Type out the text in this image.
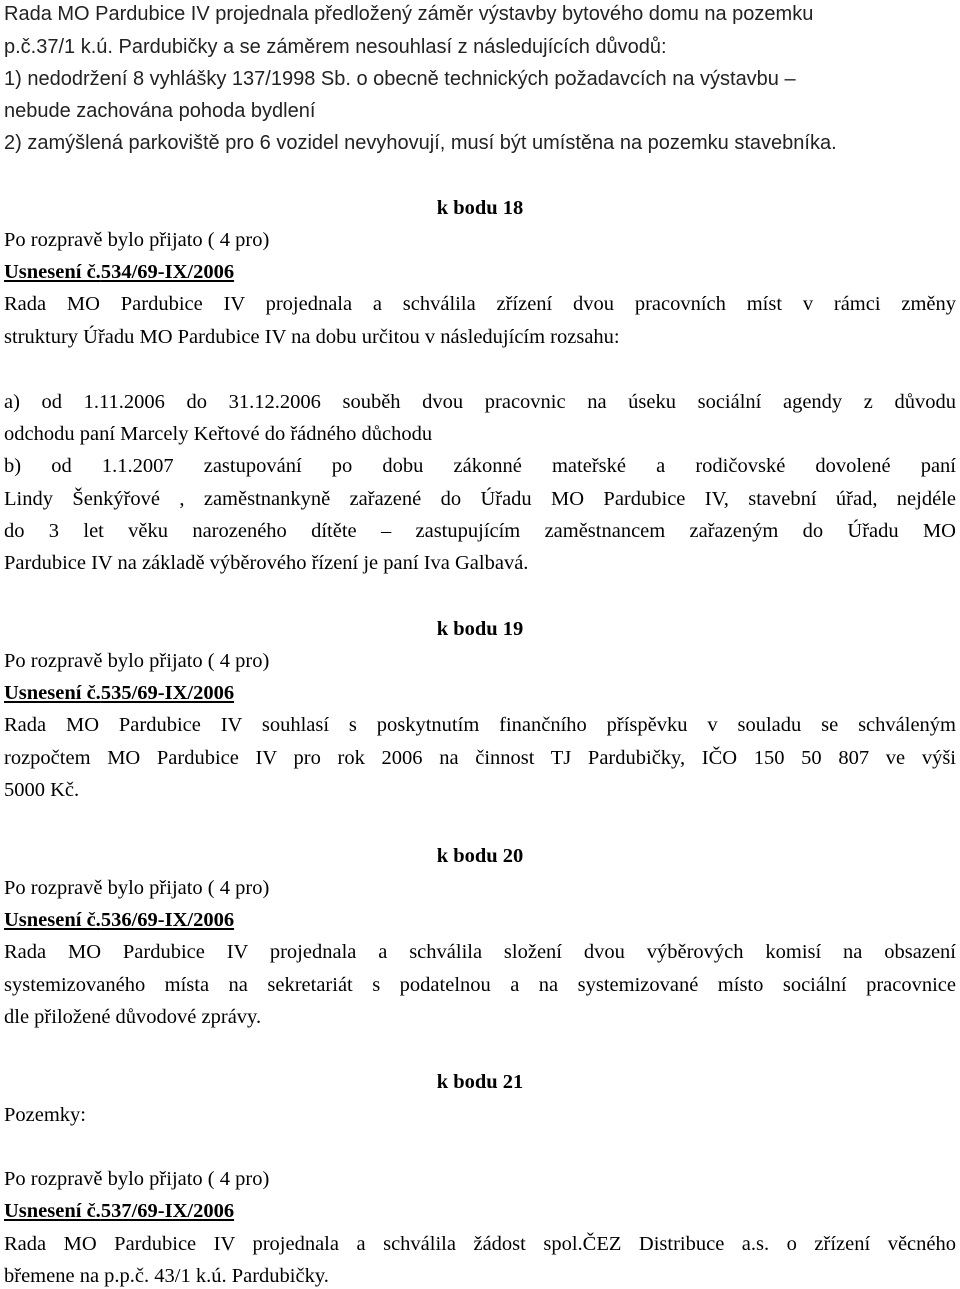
Rada MO Pardubice IV projednala předložený záměr výstavby bytového domu na pozemku
p.č.37/1 k.ú. Pardubičky a se záměrem nesouhlasí z následujících důvodů:
1) nedodržení 8 vyhlášky 137/1998 Sb. o obecně technických požadavcích na výstavbu –
nebude zachována pohoda bydlení
2) zamýšlená parkoviště pro 6 vozidel nevyhovují, musí být umístěna na pozemku stavebníka.
k bodu 18
Po rozpravě bylo přijato ( 4 pro)
Usnesení č.534/69-IX/2006
Rada MO Pardubice IV projednala a schválila zřízení dvou pracovních míst v rámci změny
struktury Úřadu MO Pardubice IV na dobu určitou v následujícím rozsahu:
a) od 1.11.2006 do 31.12.2006 souběh dvou pracovnic na úseku sociální agendy z důvodu
odchodu paní Marcely Keřtové do řádného důchodu
b) od 1.1.2007 zastupování po dobu zákonné mateřské a rodičovské dovolené paní
Lindy Šenkýřové , zaměstnankyně zařazené do Úřadu MO Pardubice IV, stavební úřad, nejdéle
do 3 let věku narozeného dítěte – zastupujícím zaměstnancem zařazeným do Úřadu MO
Pardubice IV na základě výběrového řízení je paní Iva Galbavá.
k bodu 19
Po rozpravě bylo přijato ( 4 pro)
Usnesení č.535/69-IX/2006
Rada MO Pardubice IV souhlasí s poskytnutím finančního příspěvku v souladu se schváleným
rozpočtem MO Pardubice IV pro rok 2006 na činnost TJ Pardubičky, IČO 150 50 807 ve výši
5000 Kč.
k bodu 20
Po rozpravě bylo přijato ( 4 pro)
Usnesení č.536/69-IX/2006
Rada MO Pardubice IV projednala a schválila složení dvou výběrových komisí na obsazení
systemizovaného místa na sekretariát s podatelnou a na systemizované místo sociální pracovnice
dle přiložené důvodové zprávy.
k bodu 21
Pozemky:
Po rozpravě bylo přijato ( 4 pro)
Usnesení č.537/69-IX/2006
Rada MO Pardubice IV projednala a schválila žádost spol.ČEZ Distribuce a.s. o zřízení věcného
břemene na p.p.č. 43/1 k.ú. Pardubičky.
